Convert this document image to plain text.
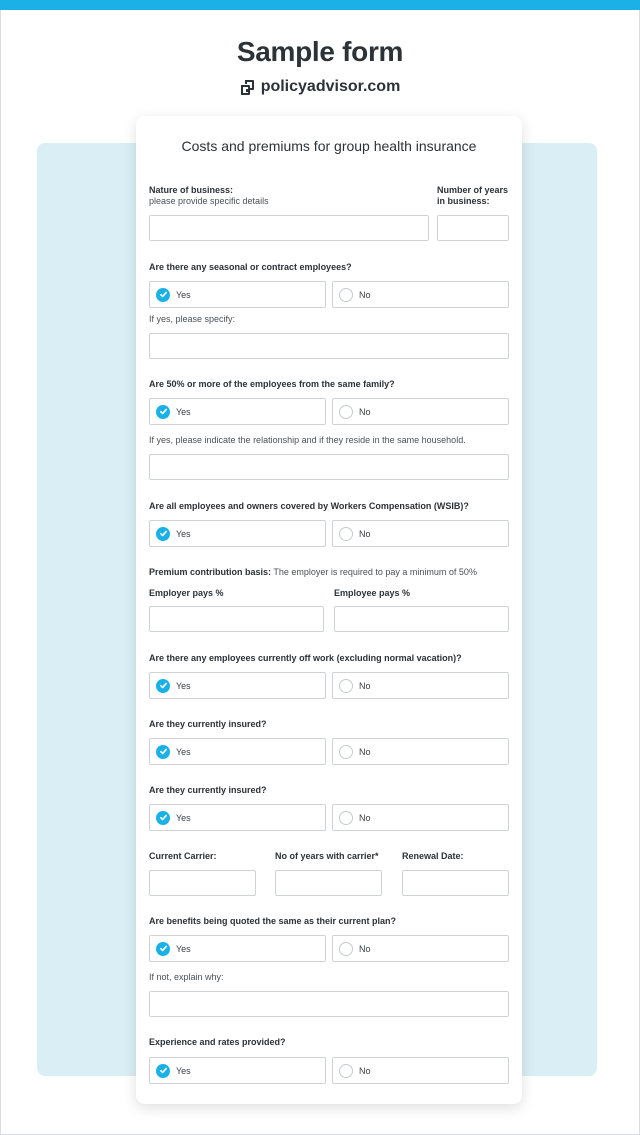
Sample form
policyadvisor.com
Costs and premiums for group health insurance
Nature of business:
please provide specific details
Number of years
in business:
Are there any seasonal or contract employees?
Yes	No
If yes, please specify:
Are 50% or more of the employees from the same family?
Yes	No
If yes, please indicate the relationship and if they reside in the same household.
Are all employees and owners covered by Workers Compensation (WSIB)?
Yes	No
Premium contribution basis: The employer is required to pay a minimum of 50%
Employer pays %	Employee pays %
Are there any employees currently off work (excluding normal vacation)?
Yes	No
Are they currently insured?
Yes	No
Are they currently insured?
Yes	No
Current Carrier:	No of years with carrier*	Renewal Date:
Are benefits being quoted the same as their current plan?
Yes	No
If not, explain why:
Experience and rates provided?
Yes	No
